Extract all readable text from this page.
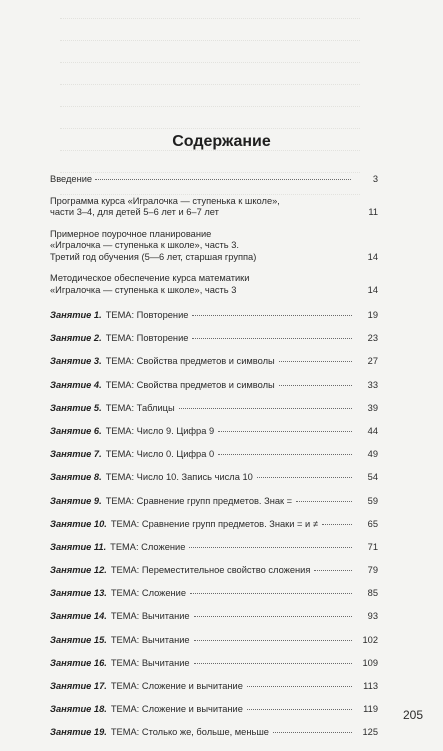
Содержание
Введение	3
Программа курса «Игралочка — ступенька к школе»,
части 3–4, для детей 5–6 лет и 6–7 лет	11
Примерное поурочное планирование
«Игралочка — ступенька к школе», часть 3.
Третий год обучения (5—6 лет, старшая группа)	14
Методическое обеспечение курса математики
«Игралочка — ступенька к школе», часть 3	14
Занятие 1. ТЕМА: Повторение	19
Занятие 2. ТЕМА: Повторение	23
Занятие 3. ТЕМА: Свойства предметов и символы	27
Занятие 4. ТЕМА: Свойства предметов и символы	33
Занятие 5. ТЕМА: Таблицы	39
Занятие 6. ТЕМА: Число 9. Цифра 9	44
Занятие 7. ТЕМА: Число 0. Цифра 0	49
Занятие 8. ТЕМА: Число 10. Запись числа 10	54
Занятие 9. ТЕМА: Сравнение групп предметов. Знак =	59
Занятие 10. ТЕМА: Сравнение групп предметов. Знаки = и ≠	65
Занятие 11. ТЕМА: Сложение	71
Занятие 12. ТЕМА: Переместительное свойство сложения	79
Занятие 13. ТЕМА: Сложение	85
Занятие 14. ТЕМА: Вычитание	93
Занятие 15. ТЕМА: Вычитание	102
Занятие 16. ТЕМА: Вычитание	109
Занятие 17. ТЕМА: Сложение и вычитание	113
Занятие 18. ТЕМА: Сложение и вычитание	119
Занятие 19. ТЕМА: Столько же, больше, меньше	125
205
